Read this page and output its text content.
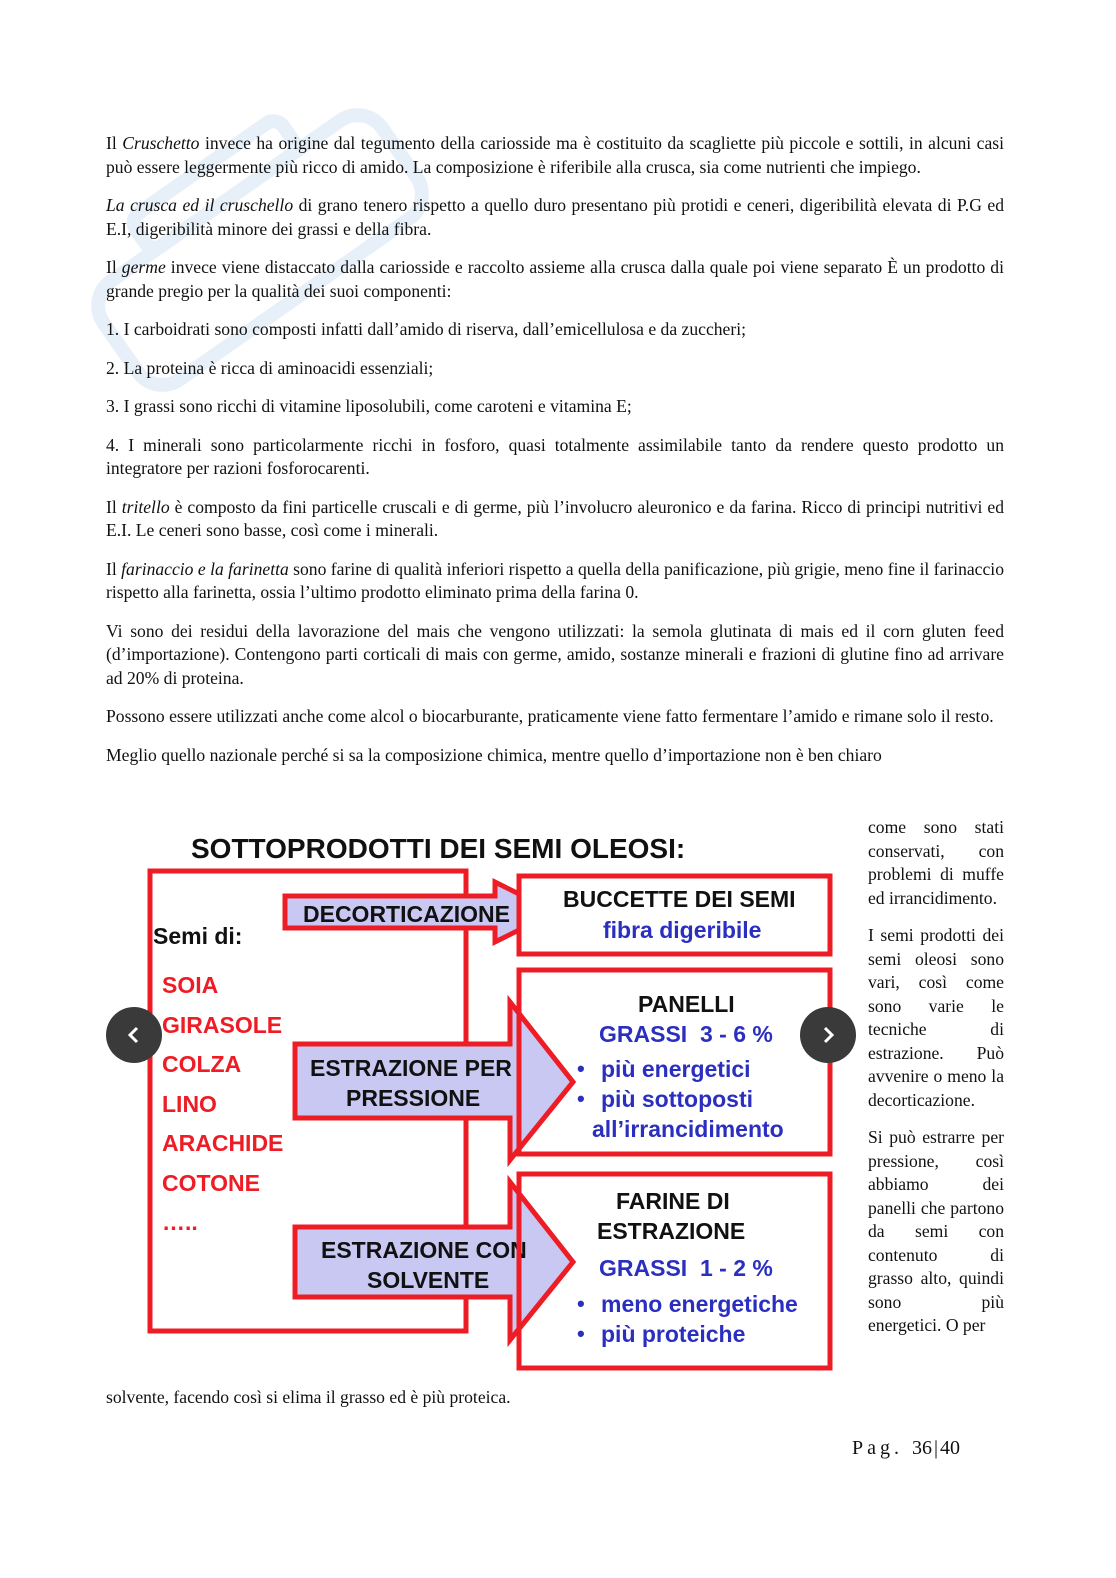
Il Cruschetto invece ha origine dal tegumento della cariosside ma è costituito da scagliette più piccole e sottili, in alcuni casi può essere leggermente più ricco di amido. La composizione è riferibile alla crusca, sia come nutrienti che impiego.

La crusca ed il cruschello di grano tenero rispetto a quello duro presentano più protidi e ceneri, digeribilità elevata di P.G ed E.I, digeribilità minore dei grassi e della fibra.

Il germe invece viene distaccato dalla cariosside e raccolto assieme alla crusca dalla quale poi viene separato È un prodotto di grande pregio per la qualità dei suoi componenti:

1. I carboidrati sono composti infatti dall’amido di riserva, dall’emicellulosa e da zuccheri;

2. La proteina è ricca di aminoacidi essenziali;

3. I grassi sono ricchi di vitamine liposolubili, come caroteni e vitamina E;

4. I minerali sono particolarmente ricchi in fosforo, quasi totalmente assimilabile tanto da rendere questo prodotto un integratore per razioni fosforocarenti.

Il tritello è composto da fini particelle cruscali e di germe, più l’involucro aleuronico e da farina. Ricco di principi nutritivi ed E.I. Le ceneri sono basse, così come i minerali.

Il farinaccio e la farinetta sono farine di qualità inferiori rispetto a quella della panificazione, più grigie, meno fine il farinaccio rispetto alla farinetta, ossia l’ultimo prodotto eliminato prima della farina 0.

Vi sono dei residui della lavorazione del mais che vengono utilizzati: la semola glutinata di mais ed il corn gluten feed (d’importazione). Contengono parti corticali di mais con germe, amido, sostanze minerali e frazioni di glutine fino ad arrivare ad 20% di proteina.

Possono essere utilizzati anche come alcol o biocarburante, praticamente viene fatto fermentare l’amido e rimane solo il resto.

Meglio quello nazionale perché si sa la composizione chimica, mentre quello d’importazione non è ben chiaro

SOTTOPRODOTTI DEI SEMI OLEOSI:
Semi di:
SOIA
GIRASOLE
COLZA
LINO
ARACHIDE
COTONE
…..
DECORTICAZIONE
BUCCETTE DEI SEMI
fibra digeribile
ESTRAZIONE PER
PRESSIONE
PANELLI
GRASSI  3 - 6 %
• più energetici
• più sottoposti
all’irrancidimento
ESTRAZIONE CON
SOLVENTE
FARINE DI
ESTRAZIONE
GRASSI  1 - 2 %
• meno energetiche
• più proteiche

come sono stati conservati, con problemi di muffe ed irrancidimento.

I semi prodotti dei semi oleosi sono vari, così come sono varie le tecniche di estrazione. Può avvenire o meno la decorticazione.

Si può estrarre per pressione, così abbiamo dei panelli che partono da semi con contenuto di grasso alto, quindi sono più energetici. O per

solvente, facendo così si elima il grasso ed è più proteica.
Pag. 36 | 40
